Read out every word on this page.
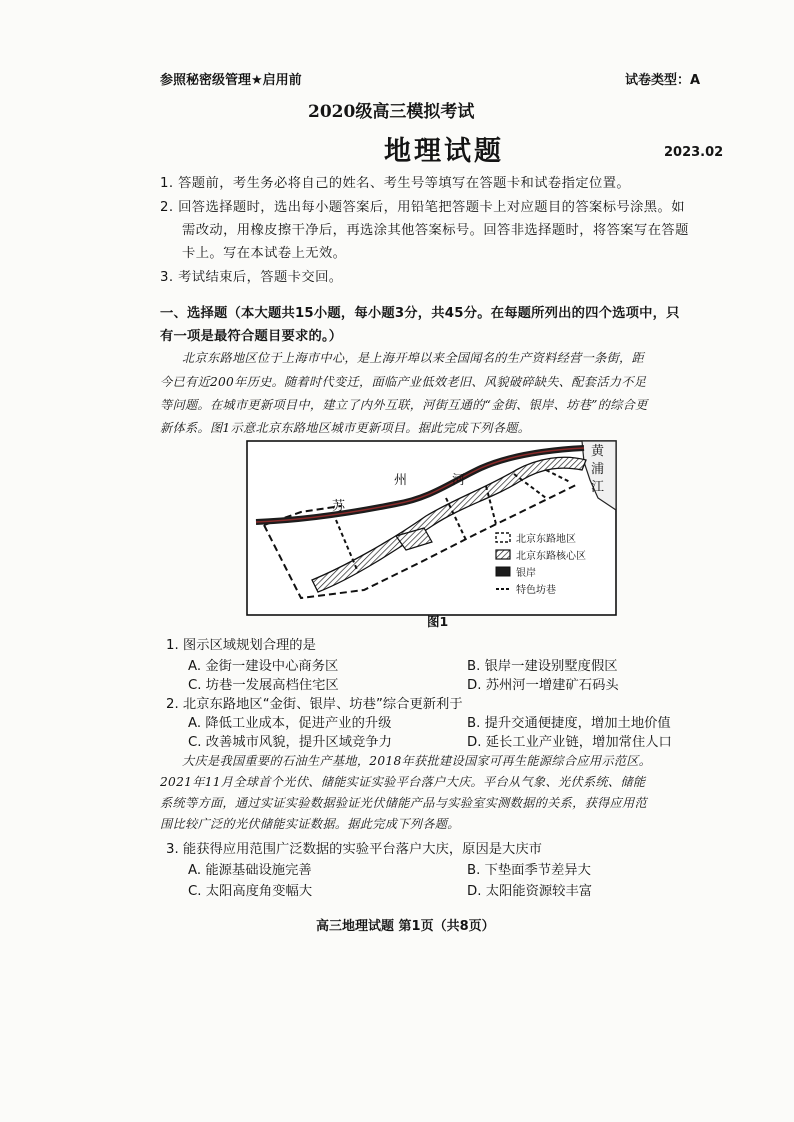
参照秘密级管理★启用前	试卷类型：A
2020级高三模拟考试
地理试题	2023.02
1. 答题前，考生务必将自己的姓名、考生号等填写在答题卡和试卷指定位置。
2. 回答选择题时，选出每小题答案后，用铅笔把答题卡上对应题目的答案标号涂黑。如
需改动，用橡皮擦干净后，再选涂其他答案标号。回答非选择题时，将答案写在答题
卡上。写在本试卷上无效。
3. 考试结束后，答题卡交回。
一、选择题（本大题共15小题，每小题3分，共45分。在每题所列出的四个选项中，只
有一项是最符合题目要求的。）
北京东路地区位于上海市中心，是上海开埠以来全国闻名的生产资料经营一条街，距
今已有近200年历史。随着时代变迁，面临产业低效老旧、风貌破碎缺失、配套活力不足
等问题。在城市更新项目中，建立了内外互联，河街互通的“金街、银岸、坊巷”的综合更
苏
州	河
黄
浦
江
北京东路地区
北京东路核心区
银岸
特色坊巷
图1
1. 图示区域规划合理的是
A. 金街一建设中心商务区	B. 银岸一建设别墅度假区
C. 坊巷一发展高档住宅区	D. 苏州河一增建矿石码头
2. 北京东路地区“金街、银岸、坊巷”综合更新利于
A. 降低工业成本，促进产业的升级	B. 提升交通便捷度，增加土地价值
C. 改善城市风貌，提升区域竞争力	D. 延长工业产业链，增加常住人口
大庆是我国重要的石油生产基地，2018年获批建设国家可再生能源综合应用示范区。
2021年11月全球首个光伏、储能实证实验平台落户大庆。平台从气象、光伏系统、储能
系统等方面，通过实证实验数据验证光伏储能产品与实验室实测数据的关系，获得应用范
围比较广泛的光伏储能实证数据。据此完成下列各题。
3. 能获得应用范围广泛数据的实验平台落户大庆，原因是大庆市
A. 能源基础设施完善	B. 下垫面季节差异大
C. 太阳高度角变幅大	D. 太阳能资源较丰富
高三地理试题 第1页（共8页）
新体系。图1示意北京东路地区城市更新项目。据此完成下列各题。
